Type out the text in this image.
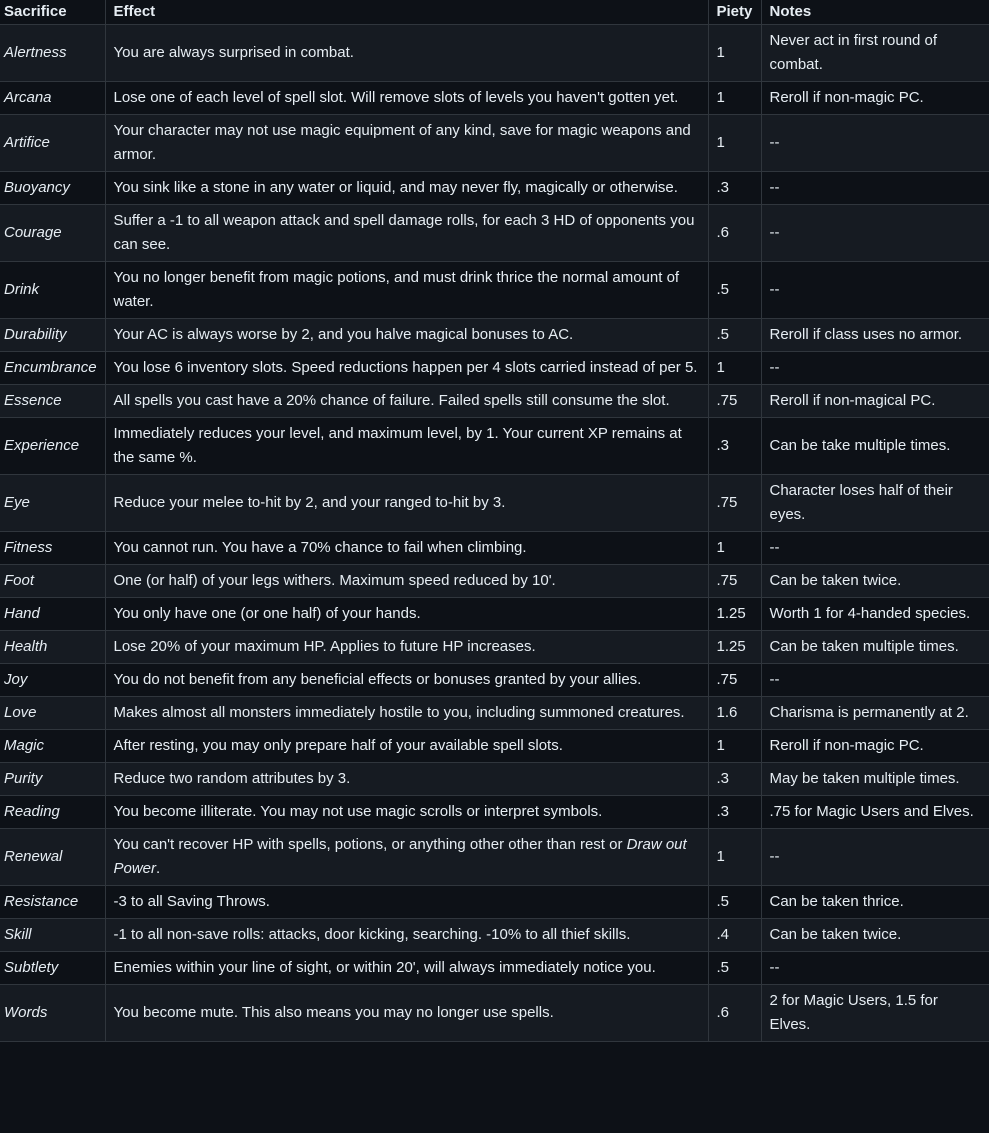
Sacrifice	Effect	Piety	Notes
Alertness	You are always surprised in combat.	1	Never act in first round of combat.
Arcana	Lose one of each level of spell slot. Will remove slots of levels you haven't gotten yet.	1	Reroll if non-magic PC.
Artifice	Your character may not use magic equipment of any kind, save for magic weapons and armor.	1	--
Buoyancy	You sink like a stone in any water or liquid, and may never fly, magically or otherwise.	.3	--
Courage	Suffer a -1 to all weapon attack and spell damage rolls, for each 3 HD of opponents you can see.	.6	--
Drink	You no longer benefit from magic potions, and must drink thrice the normal amount of water.	.5	--
Durability	Your AC is always worse by 2, and you halve magical bonuses to AC.	.5	Reroll if class uses no armor.
Encumbrance	You lose 6 inventory slots. Speed reductions happen per 4 slots carried instead of per 5.	1	--
Essence	All spells you cast have a 20% chance of failure. Failed spells still consume the slot.	.75	Reroll if non-magical PC.
Experience	Immediately reduces your level, and maximum level, by 1. Your current XP remains at the same %.	.3	Can be take multiple times.
Eye	Reduce your melee to-hit by 2, and your ranged to-hit by 3.	.75	Character loses half of their eyes.
Fitness	You cannot run. You have a 70% chance to fail when climbing.	1	--
Foot	One (or half) of your legs withers. Maximum speed reduced by 10'.	.75	Can be taken twice.
Hand	You only have one (or one half) of your hands.	1.25	Worth 1 for 4-handed species.
Health	Lose 20% of your maximum HP. Applies to future HP increases.	1.25	Can be taken multiple times.
Joy	You do not benefit from any beneficial effects or bonuses granted by your allies.	.75	--
Love	Makes almost all monsters immediately hostile to you, including summoned creatures.	1.6	Charisma is permanently at 2.
Magic	After resting, you may only prepare half of your available spell slots.	1	Reroll if non-magic PC.
Purity	Reduce two random attributes by 3.	.3	May be taken multiple times.
Reading	You become illiterate. You may not use magic scrolls or interpret symbols.	.3	.75 for Magic Users and Elves.
Renewal	You can't recover HP with spells, potions, or anything other other than rest or Draw out Power.	1	--
Resistance	-3 to all Saving Throws.	.5	Can be taken thrice.
Skill	-1 to all non-save rolls: attacks, door kicking, searching. -10% to all thief skills.	.4	Can be taken twice.
Subtlety	Enemies within your line of sight, or within 20', will always immediately notice you.	.5	--
Words	You become mute. This also means you may no longer use spells.	.6	2 for Magic Users, 1.5 for Elves.
